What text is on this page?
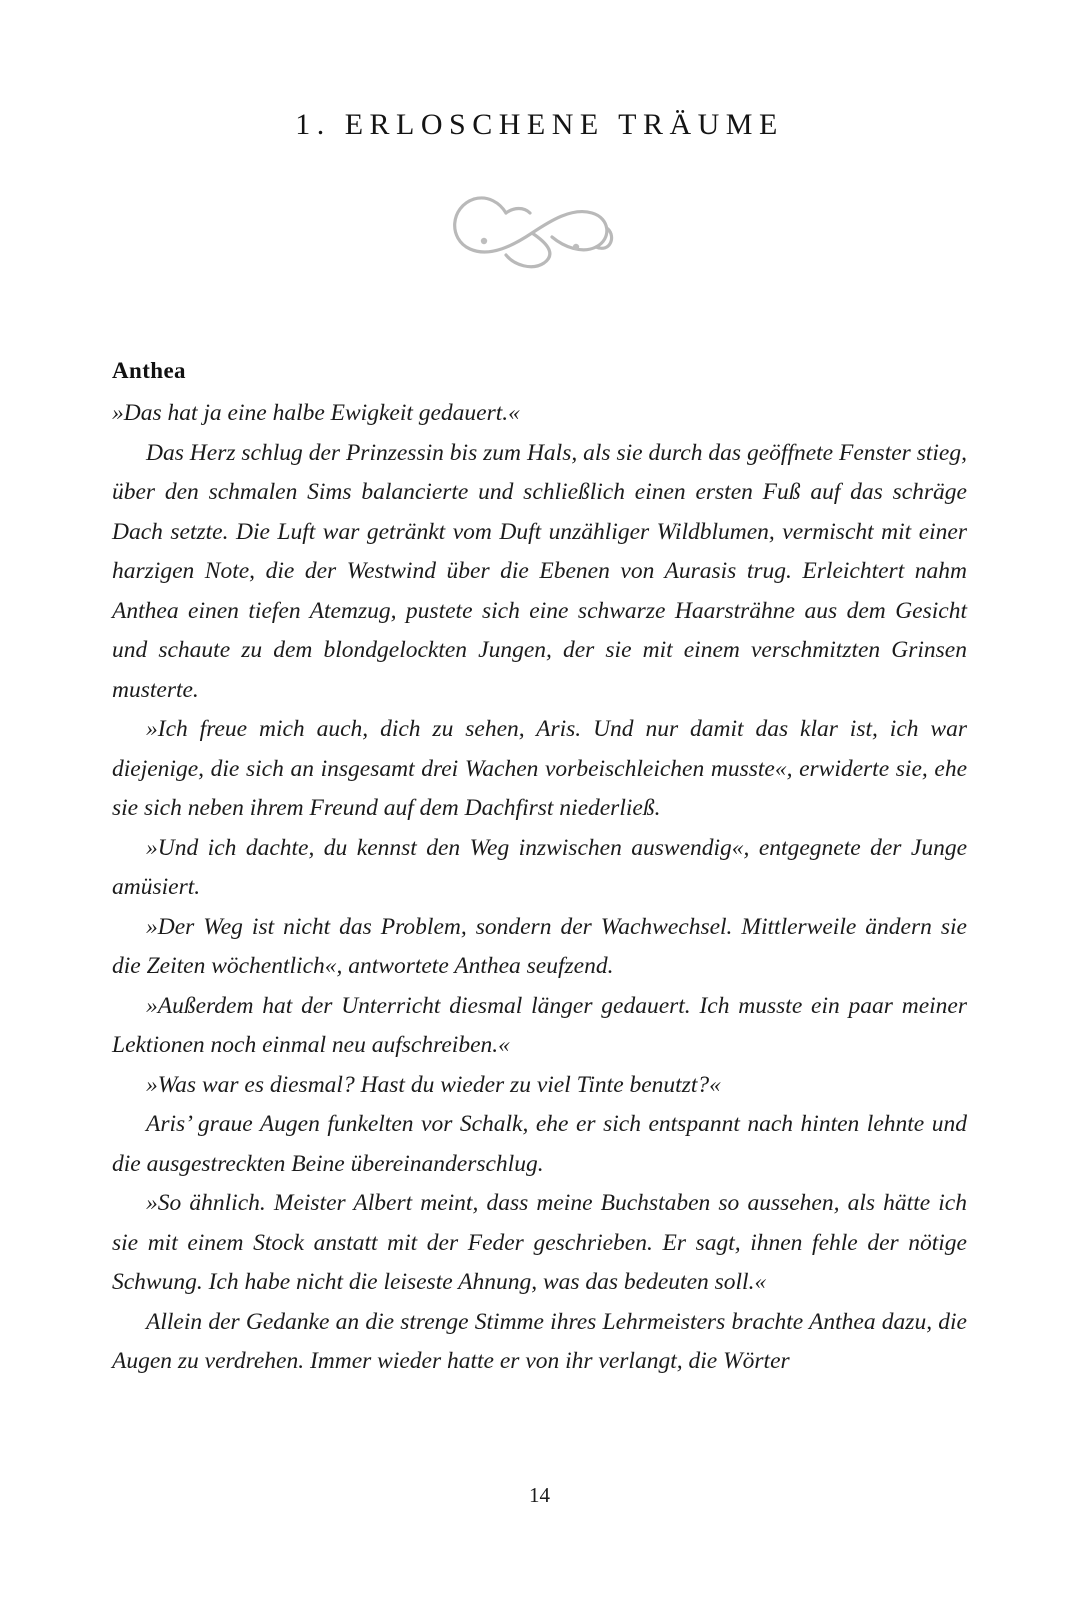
1. ERLOSCHENE TRÄUME
Anthea

»Das hat ja eine halbe Ewigkeit gedauert.«

Das Herz schlug der Prinzessin bis zum Hals, als sie durch das geöffnete Fenster stieg, über den schmalen Sims balancierte und schließlich einen ersten Fuß auf das schräge Dach setzte. Die Luft war getränkt vom Duft unzähliger Wildblumen, vermischt mit einer harzigen Note, die der Westwind über die Ebenen von Aurasis trug. Erleichtert nahm Anthea einen tiefen Atemzug, pustete sich eine schwarze Haarsträhne aus dem Gesicht und schaute zu dem blondgelockten Jungen, der sie mit einem verschmitzten Grinsen musterte.

»Ich freue mich auch, dich zu sehen, Aris. Und nur damit das klar ist, ich war diejenige, die sich an insgesamt drei Wachen vorbeischleichen musste«, erwiderte sie, ehe sie sich neben ihrem Freund auf dem Dachfirst niederließ.

»Und ich dachte, du kennst den Weg inzwischen auswendig«, entgegnete der Junge amüsiert.

»Der Weg ist nicht das Problem, sondern der Wachwechsel. Mittlerweile ändern sie die Zeiten wöchentlich«, antwortete Anthea seufzend.

»Außerdem hat der Unterricht diesmal länger gedauert. Ich musste ein paar meiner Lektionen noch einmal neu aufschreiben.«

»Was war es diesmal? Hast du wieder zu viel Tinte benutzt?«

Aris’ graue Augen funkelten vor Schalk, ehe er sich entspannt nach hinten lehnte und die ausgestreckten Beine übereinanderschlug.

»So ähnlich. Meister Albert meint, dass meine Buchstaben so aussehen, als hätte ich sie mit einem Stock anstatt mit der Feder geschrieben. Er sagt, ihnen fehle der nötige Schwung. Ich habe nicht die leiseste Ahnung, was das bedeuten soll.«

Allein der Gedanke an die strenge Stimme ihres Lehrmeisters brachte Anthea dazu, die Augen zu verdrehen. Immer wieder hatte er von ihr verlangt, die Wörter

14
